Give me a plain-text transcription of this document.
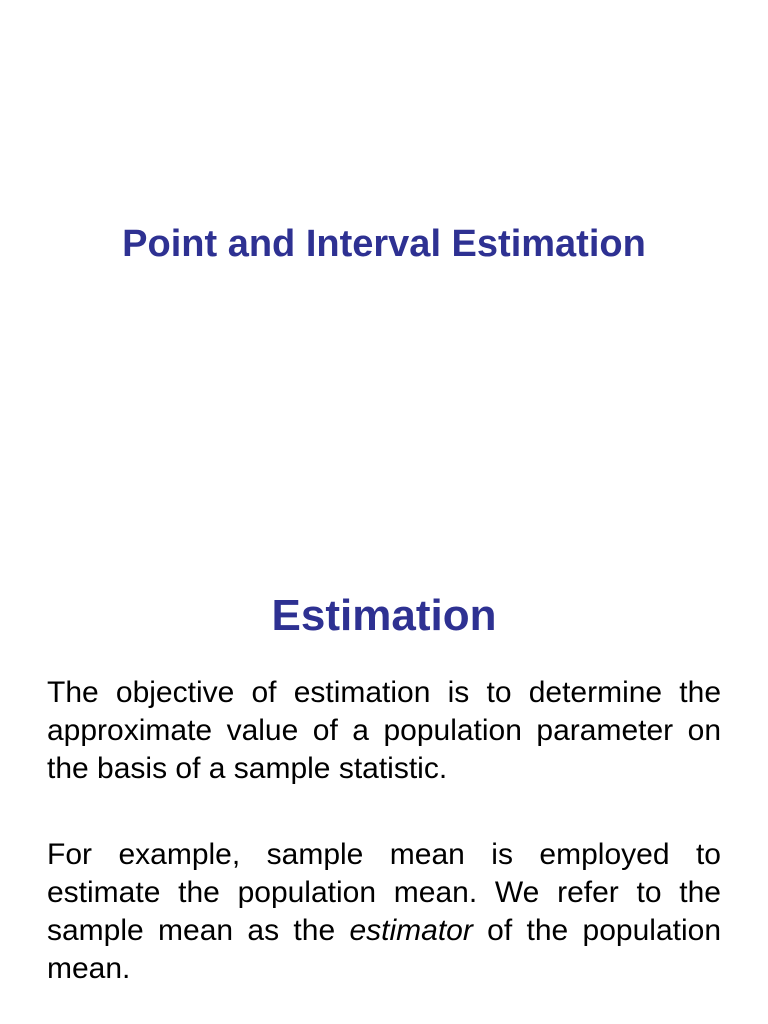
Point and Interval Estimation
Estimation

The objective of estimation is to determine the approximate value of a population parameter on the basis of a sample statistic.

For example, sample mean is employed to estimate the population mean. We refer to the sample mean as the estimator of the population mean.
